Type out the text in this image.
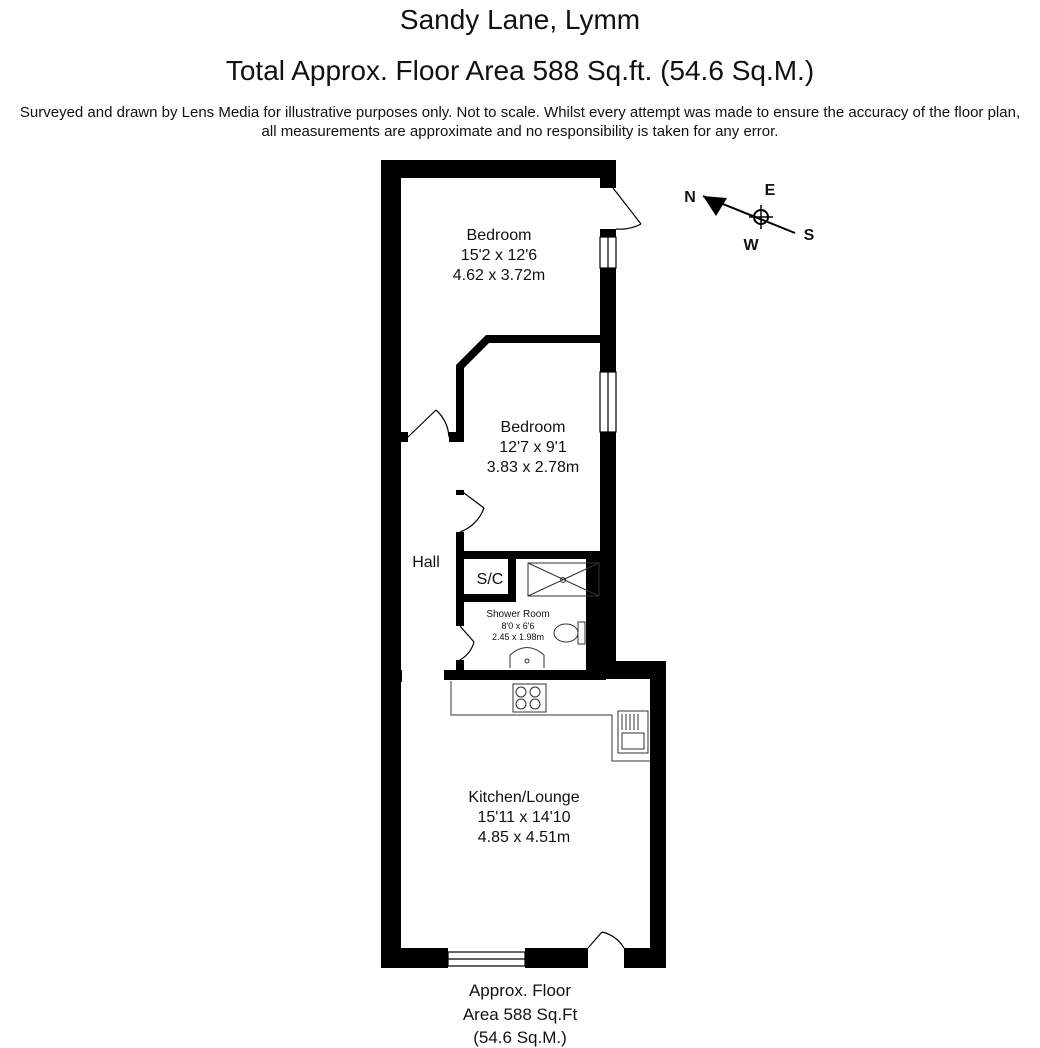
Sandy Lane, Lymm
Total Approx. Floor Area 588 Sq.ft. (54.6 Sq.M.)
Surveyed and drawn by Lens Media for illustrative purposes only. Not to scale. Whilst every attempt was made to ensure the accuracy of the floor plan,
all measurements are approximate and no responsibility is taken for any error.
Bedroom
15'2 x 12'6
4.62 x 3.72m
Bedroom
12'7 x 9'1
3.83 x 2.78m
Hall
S/C
Shower Room
8'0 x 6'6
2.45 x 1.98m
Kitchen/Lounge
15'11 x 14'10
4.85 x 4.51m
N	E
S
W
Approx. Floor
Area 588 Sq.Ft
(54.6 Sq.M.)
